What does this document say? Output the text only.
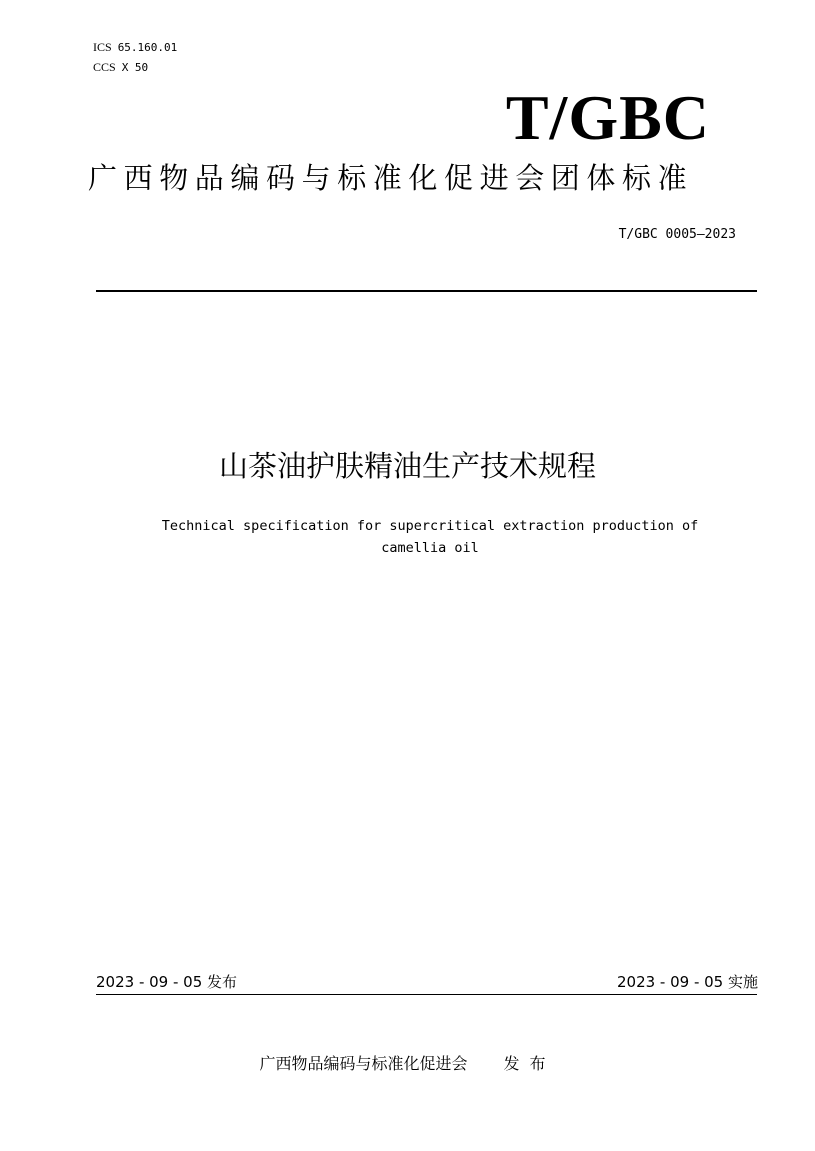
ICS 65.160.01
CCS X 50
T/GBC
广西物品编码与标准化促进会团体标准
T/GBC 0005—2023
山茶油护肤精油生产技术规程
Technical specification for supercritical extraction production of
camellia oil
2023 - 09 - 05 发布	2023 - 09 - 05 实施
广西物品编码与标准化促进会 发布
